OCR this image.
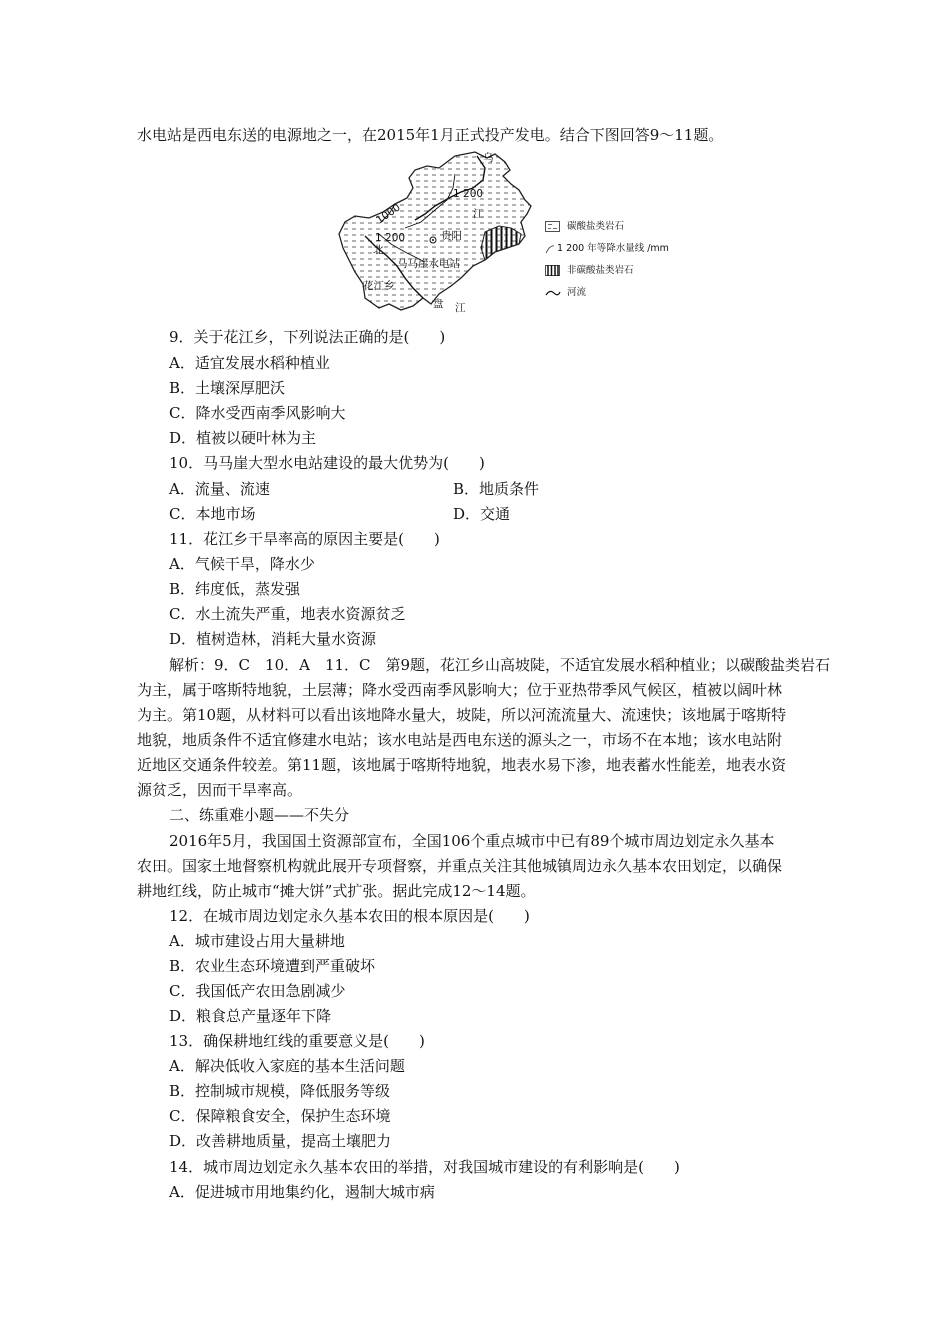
水电站是西电东送的电源地之一，在2015年1月正式投产发电。结合下图回答9～11题。
乌
江
1 200
1000
1 200
北
贵阳
马马崖水电站
花江乡
盘 江
碳酸盐类岩石
1 200 年等降水量线 /mm
非碳酸盐类岩石
河流
9．关于花江乡，下列说法正确的是(　　)
A．适宜发展水稻种植业
B．土壤深厚肥沃
C．降水受西南季风影响大
D．植被以硬叶林为主
10．马马崖大型水电站建设的最大优势为(　　)
A．流量、流速	B．地质条件
C．本地市场	D．交通
11．花江乡干旱率高的原因主要是(　　)
A．气候干旱，降水少
B．纬度低，蒸发强
C．水土流失严重，地表水资源贫乏
D．植树造林，消耗大量水资源
解析：9．C　10．A　11．C　第9题，花江乡山高坡陡，不适宜发展水稻种植业；以碳酸盐类岩石
为主，属于喀斯特地貌，土层薄；降水受西南季风影响大；位于亚热带季风气候区，植被以阔叶林
为主。第10题，从材料可以看出该地降水量大，坡陡，所以河流流量大、流速快；该地属于喀斯特
地貌，地质条件不适宜修建水电站；该水电站是西电东送的源头之一，市场不在本地；该水电站附
近地区交通条件较差。第11题，该地属于喀斯特地貌，地表水易下渗，地表蓄水性能差，地表水资
源贫乏，因而干旱率高。
二、练重难小题——不失分
2016年5月，我国国土资源部宣布，全国106个重点城市中已有89个城市周边划定永久基本
农田。国家土地督察机构就此展开专项督察，并重点关注其他城镇周边永久基本农田划定，以确保
耕地红线，防止城市“摊大饼”式扩张。据此完成12～14题。
12．在城市周边划定永久基本农田的根本原因是(　　)
A．城市建设占用大量耕地
B．农业生态环境遭到严重破坏
C．我国低产农田急剧减少
D．粮食总产量逐年下降
13．确保耕地红线的重要意义是(　　)
A．解决低收入家庭的基本生活问题
B．控制城市规模，降低服务等级
C．保障粮食安全，保护生态环境
D．改善耕地质量，提高土壤肥力
14．城市周边划定永久基本农田的举措，对我国城市建设的有利影响是(　　)
A．促进城市用地集约化，遏制大城市病
